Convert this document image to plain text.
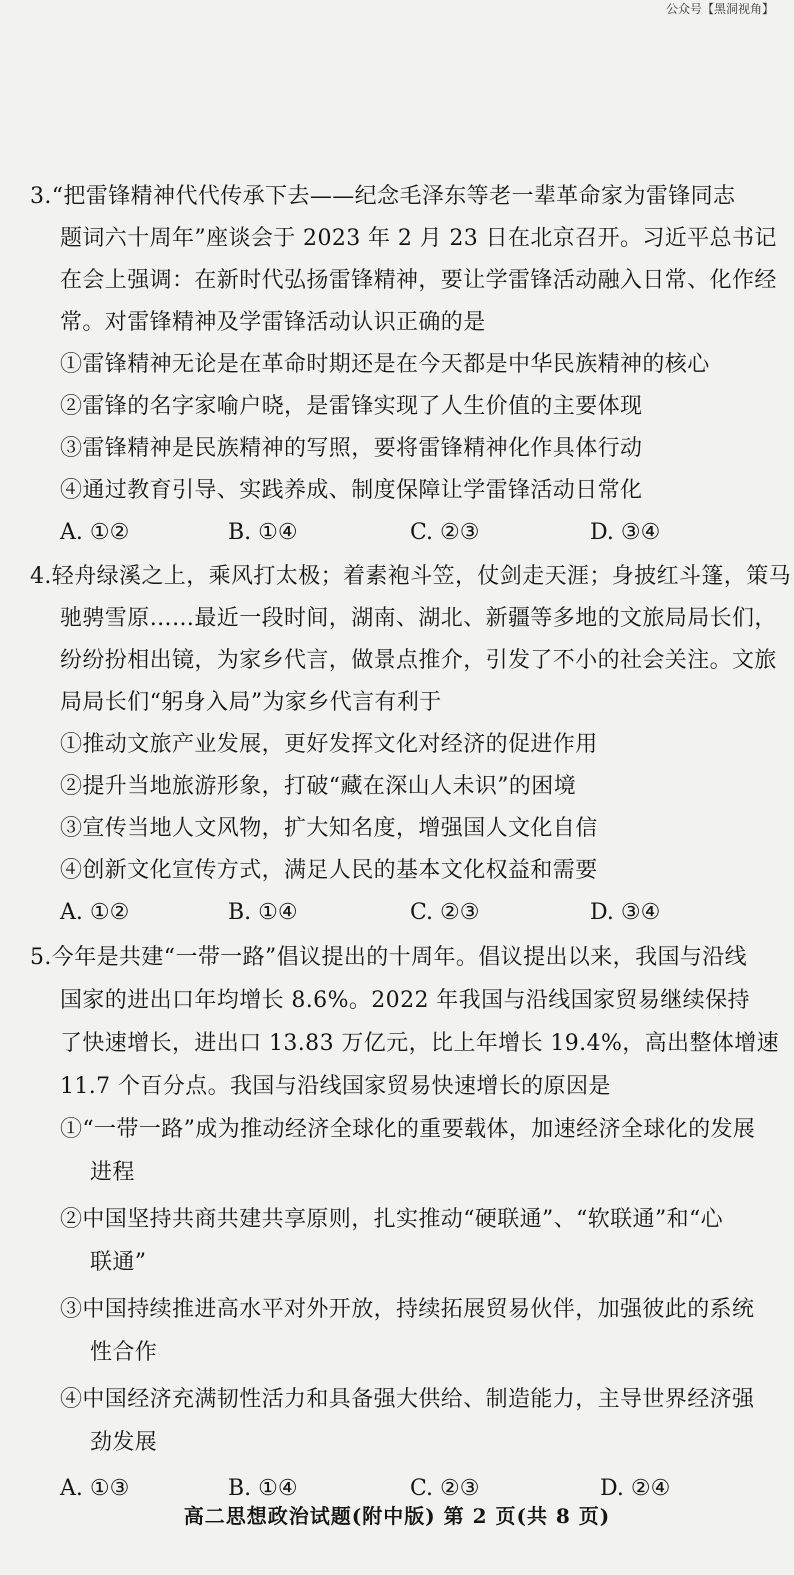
公众号【黑洞视角】
3.“把雷锋精神代代传承下去——纪念毛泽东等老一辈革命家为雷锋同志
题词六十周年”座谈会于 2023 年 2 月 23 日在北京召开。习近平总书记
在会上强调：在新时代弘扬雷锋精神，要让学雷锋活动融入日常、化作经
常。对雷锋精神及学雷锋活动认识正确的是
①雷锋精神无论是在革命时期还是在今天都是中华民族精神的核心
②雷锋的名字家喻户晓，是雷锋实现了人生价值的主要体现
③雷锋精神是民族精神的写照，要将雷锋精神化作具体行动
④通过教育引导、实践养成、制度保障让学雷锋活动日常化
A. ①②	B. ①④	C. ②③	D. ③④
4.轻舟绿溪之上，乘风打太极；着素袍斗笠，仗剑走天涯；身披红斗篷，策马
驰骋雪原……最近一段时间，湖南、湖北、新疆等多地的文旅局局长们，
纷纷扮相出镜，为家乡代言，做景点推介，引发了不小的社会关注。文旅
局局长们“躬身入局”为家乡代言有利于
①推动文旅产业发展，更好发挥文化对经济的促进作用
②提升当地旅游形象，打破“藏在深山人未识”的困境
③宣传当地人文风物，扩大知名度，增强国人文化自信
④创新文化宣传方式，满足人民的基本文化权益和需要
A. ①②	B. ①④	C. ②③	D. ③④
5.今年是共建“一带一路”倡议提出的十周年。倡议提出以来，我国与沿线
国家的进出口年均增长 8.6%。2022 年我国与沿线国家贸易继续保持
了快速增长，进出口 13.83 万亿元，比上年增长 19.4%，高出整体增速
11.7 个百分点。我国与沿线国家贸易快速增长的原因是
①“一带一路”成为推动经济全球化的重要载体，加速经济全球化的发展
进程
②中国坚持共商共建共享原则，扎实推动“硬联通”、“软联通”和“心
联通”
③中国持续推进高水平对外开放，持续拓展贸易伙伴，加强彼此的系统
性合作
④中国经济充满韧性活力和具备强大供给、制造能力，主导世界经济强
劲发展
A. ①③	B. ①④	C. ②③	D. ②④
高二思想政治试题(附中版) 第 2 页(共 8 页)
